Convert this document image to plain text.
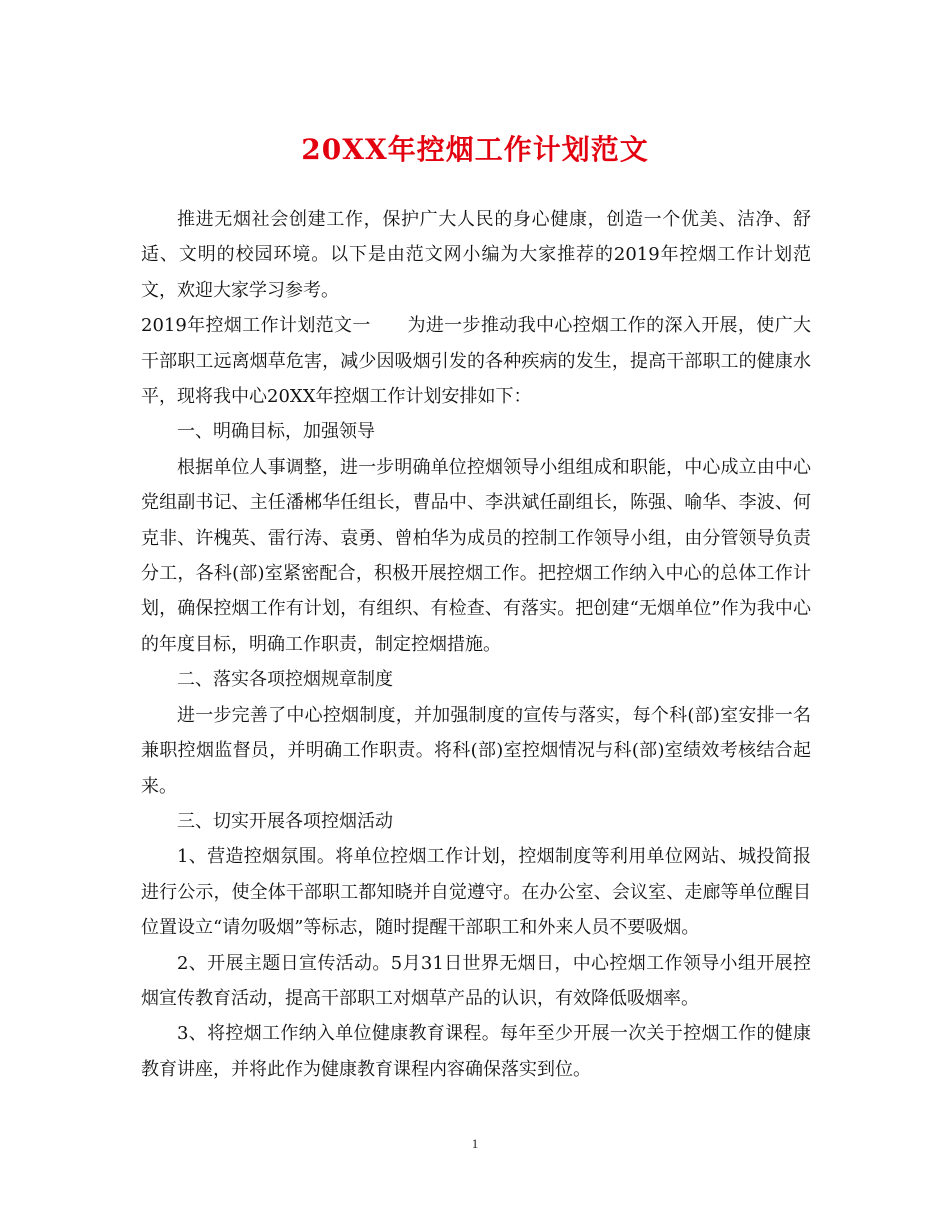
20XX年控烟工作计划范文

推进无烟社会创建工作，保护广大人民的身心健康，创造一个优美、洁净、舒适、文明的校园环境。以下是由范文网小编为大家推荐的2019年控烟工作计划范文，欢迎大家学习参考。

2019年控烟工作计划范文一　　为进一步推动我中心控烟工作的深入开展，使广大干部职工远离烟草危害，减少因吸烟引发的各种疾病的发生，提高干部职工的健康水平，现将我中心20XX年控烟工作计划安排如下：

一、明确目标，加强领导

根据单位人事调整，进一步明确单位控烟领导小组组成和职能，中心成立由中心党组副书记、主任潘郴华任组长，曹品中、李洪斌任副组长，陈强、喻华、李波、何克非、许槐英、雷行涛、袁勇、曾柏华为成员的控制工作领导小组，由分管领导负责分工，各科(部)室紧密配合，积极开展控烟工作。把控烟工作纳入中心的总体工作计划，确保控烟工作有计划，有组织、有检查、有落实。把创建“无烟单位”作为我中心的年度目标，明确工作职责，制定控烟措施。

二、落实各项控烟规章制度

进一步完善了中心控烟制度，并加强制度的宣传与落实，每个科(部)室安排一名兼职控烟监督员，并明确工作职责。将科(部)室控烟情况与科(部)室绩效考核结合起来。

三、切实开展各项控烟活动

1、营造控烟氛围。将单位控烟工作计划，控烟制度等利用单位网站、城投简报进行公示，使全体干部职工都知晓并自觉遵守。在办公室、会议室、走廊等单位醒目位置设立“请勿吸烟”等标志，随时提醒干部职工和外来人员不要吸烟。

2、开展主题日宣传活动。5月31日世界无烟日，中心控烟工作领导小组开展控烟宣传教育活动，提高干部职工对烟草产品的认识，有效降低吸烟率。

3、将控烟工作纳入单位健康教育课程。每年至少开展一次关于控烟工作的健康教育讲座，并将此作为健康教育课程内容确保落实到位。

1
